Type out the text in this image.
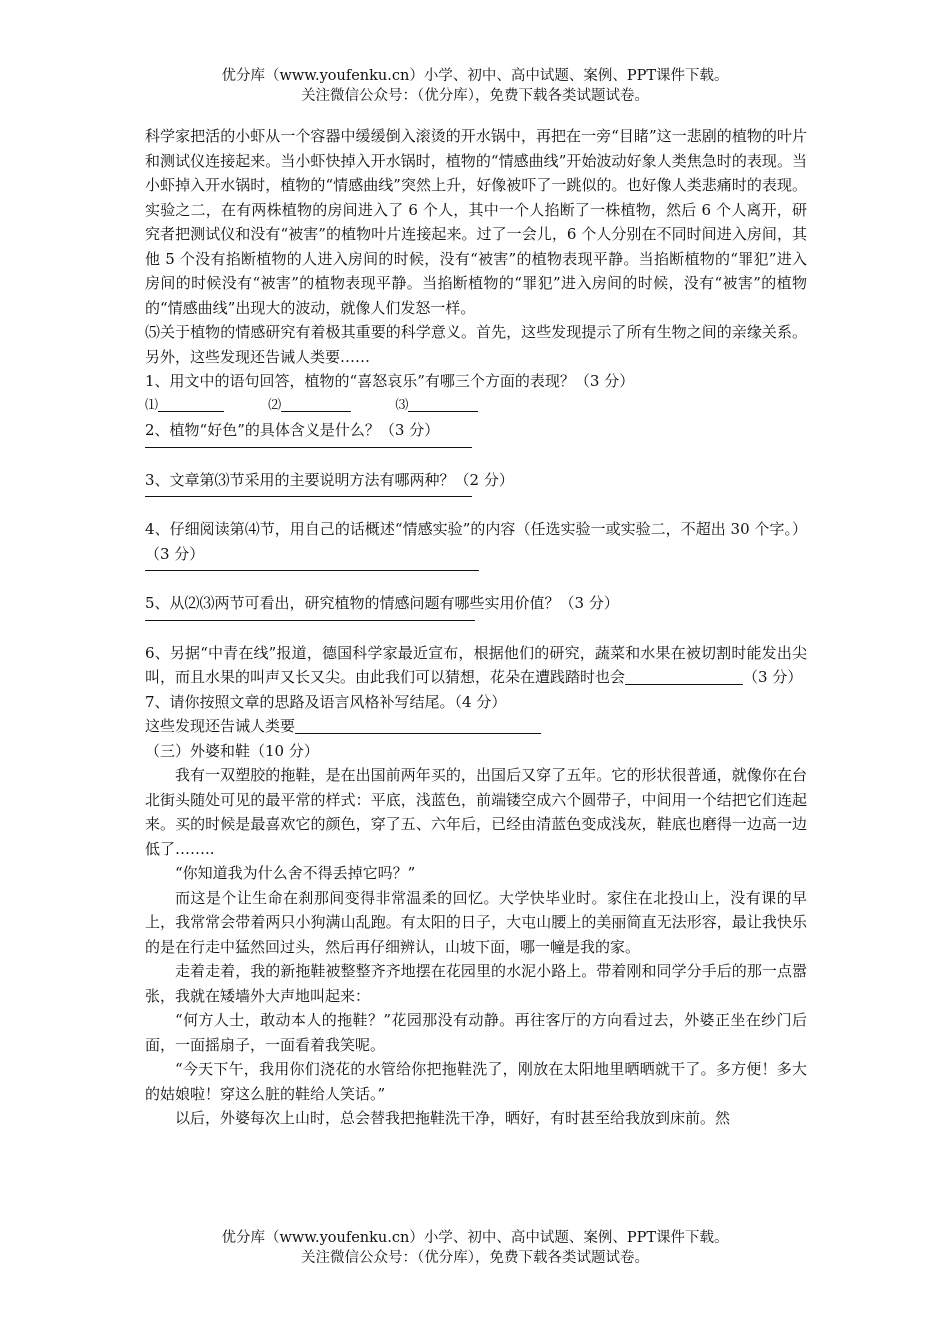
优分库（www.youfenku.cn）小学、初中、高中试题、案例、PPT课件下载。
关注微信公众号：（优分库），免费下载各类试题试卷。

科学家把活的小虾从一个容器中缓缓倒入滚烫的开水锅中，再把在一旁“目睹”这一悲剧的植物的叶片和测试仪连接起来。当小虾快掉入开水锅时，植物的“情感曲线”开始波动好象人类焦急时的表现。当小虾掉入开水锅时，植物的“情感曲线”突然上升，好像被吓了一跳似的。也好像人类悲痛时的表现。实验之二，在有两株植物的房间进入了 6 个人，其中一个人掐断了一株植物，然后 6 个人离开，研究者把测试仪和没有“被害”的植物叶片连接起来。过了一会儿，6 个人分别在不同时间进入房间，其他 5 个没有掐断植物的人进入房间的时候，没有“被害”的植物表现平静。当掐断植物的“罪犯”进入房间的时候没有“被害”的植物表现平静。当掐断植物的“罪犯”进入房间的时候，没有“被害”的植物的“情感曲线”出现大的波动，就像人们发怒一样。

⑸关于植物的情感研究有着极其重要的科学意义。首先，这些发现提示了所有生物之间的亲缘关系。另外，这些发现还告诫人类要……

1、用文中的语句回答，植物的“喜怒哀乐”有哪三个方面的表现？（3 分）

⑴	⑵	⑶

2、植物“好色”的具体含义是什么？（3 分）

3、文章第⑶节采用的主要说明方法有哪两种？（2 分）

4、仔细阅读第⑷节，用自己的话概述“情感实验”的内容（任选实验一或实验二，不超出 30 个字。）（3 分）

5、从⑵⑶两节可看出，研究植物的情感问题有哪些实用价值？（3 分）

6、另据“中青在线”报道，德国科学家最近宣布，根据他们的研究，蔬菜和水果在被切割时能发出尖叫，而且水果的叫声又长又尖。由此我们可以猜想，花朵在遭践踏时也会	（3 分）

7、请你按照文章的思路及语言风格补写结尾。（4 分）

这些发现还告诫人类要

（三）外婆和鞋（10 分）

我有一双塑胶的拖鞋，是在出国前两年买的，出国后又穿了五年。它的形状很普通，就像你在台北街头随处可见的最平常的样式：平底，浅蓝色，前端镂空成六个圆带子，中间用一个结把它们连起来。买的时候是最喜欢它的颜色，穿了五、六年后，已经由清蓝色变成浅灰，鞋底也磨得一边高一边低了……..

“你知道我为什么舍不得丢掉它吗？”

而这是个让生命在刹那间变得非常温柔的回忆。大学快毕业时。家住在北投山上，没有课的早上，我常常会带着两只小狗满山乱跑。有太阳的日子，大屯山腰上的美丽简直无法形容，最让我快乐的是在行走中猛然回过头，然后再仔细辨认，山坡下面，哪一幢是我的家。

走着走着，我的新拖鞋被整整齐齐地摆在花园里的水泥小路上。带着刚和同学分手后的那一点嚣张，我就在矮墙外大声地叫起来：

“何方人士，敢动本人的拖鞋？”花园那没有动静。再往客厅的方向看过去，外婆正坐在纱门后面，一面摇扇子，一面看着我笑呢。

“今天下午，我用你们浇花的水管给你把拖鞋洗了，刚放在太阳地里晒晒就干了。多方便！多大的姑娘啦！穿这么脏的鞋给人笑话。”

以后，外婆每次上山时，总会替我把拖鞋洗干净，晒好，有时甚至给我放到床前。然

优分库（www.youfenku.cn）小学、初中、高中试题、案例、PPT课件下载。
关注微信公众号：（优分库），免费下载各类试题试卷。
